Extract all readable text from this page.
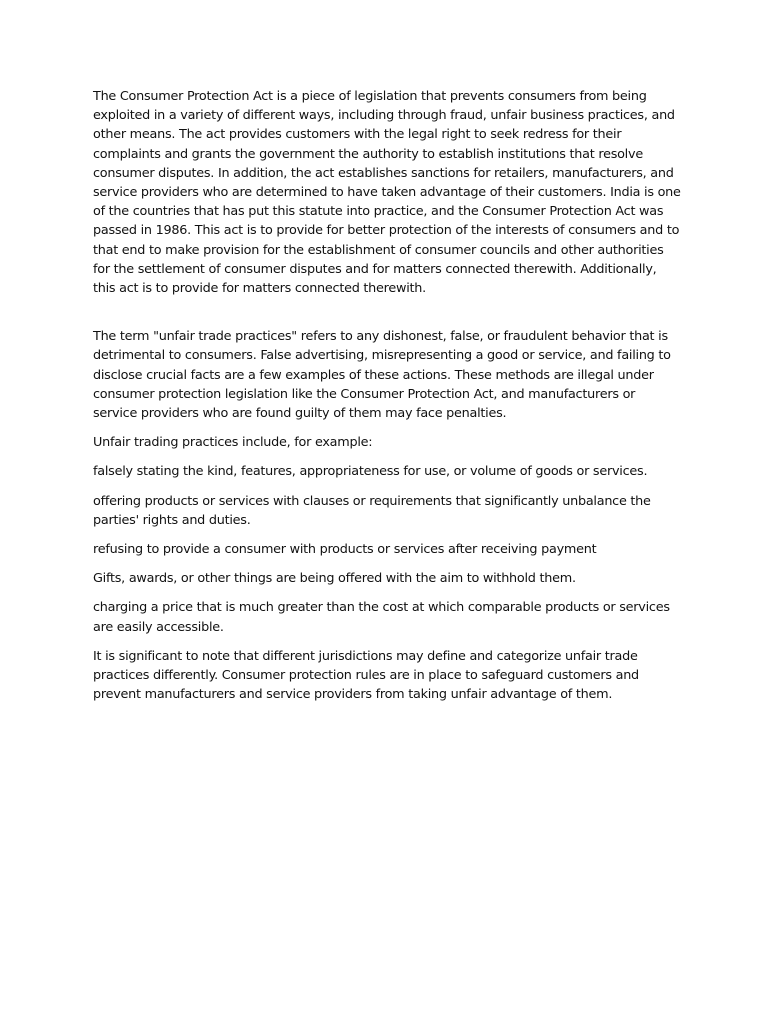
The Consumer Protection Act is a piece of legislation that prevents consumers from being exploited in a variety of different ways, including through fraud, unfair business practices, and other means. The act provides customers with the legal right to seek redress for their complaints and grants the government the authority to establish institutions that resolve consumer disputes. In addition, the act establishes sanctions for retailers, manufacturers, and service providers who are determined to have taken advantage of their customers. India is one of the countries that has put this statute into practice, and the Consumer Protection Act was passed in 1986. This act is to provide for better protection of the interests of consumers and to that end to make provision for the establishment of consumer councils and other authorities for the settlement of consumer disputes and for matters connected therewith. Additionally, this act is to provide for matters connected therewith.

The term "unfair trade practices" refers to any dishonest, false, or fraudulent behavior that is detrimental to consumers. False advertising, misrepresenting a good or service, and failing to disclose crucial facts are a few examples of these actions. These methods are illegal under consumer protection legislation like the Consumer Protection Act, and manufacturers or service providers who are found guilty of them may face penalties.

Unfair trading practices include, for example:

falsely stating the kind, features, appropriateness for use, or volume of goods or services.

offering products or services with clauses or requirements that significantly unbalance the parties' rights and duties.

refusing to provide a consumer with products or services after receiving payment

Gifts, awards, or other things are being offered with the aim to withhold them.

charging a price that is much greater than the cost at which comparable products or services are easily accessible.

It is significant to note that different jurisdictions may define and categorize unfair trade practices differently. Consumer protection rules are in place to safeguard customers and prevent manufacturers and service providers from taking unfair advantage of them.
